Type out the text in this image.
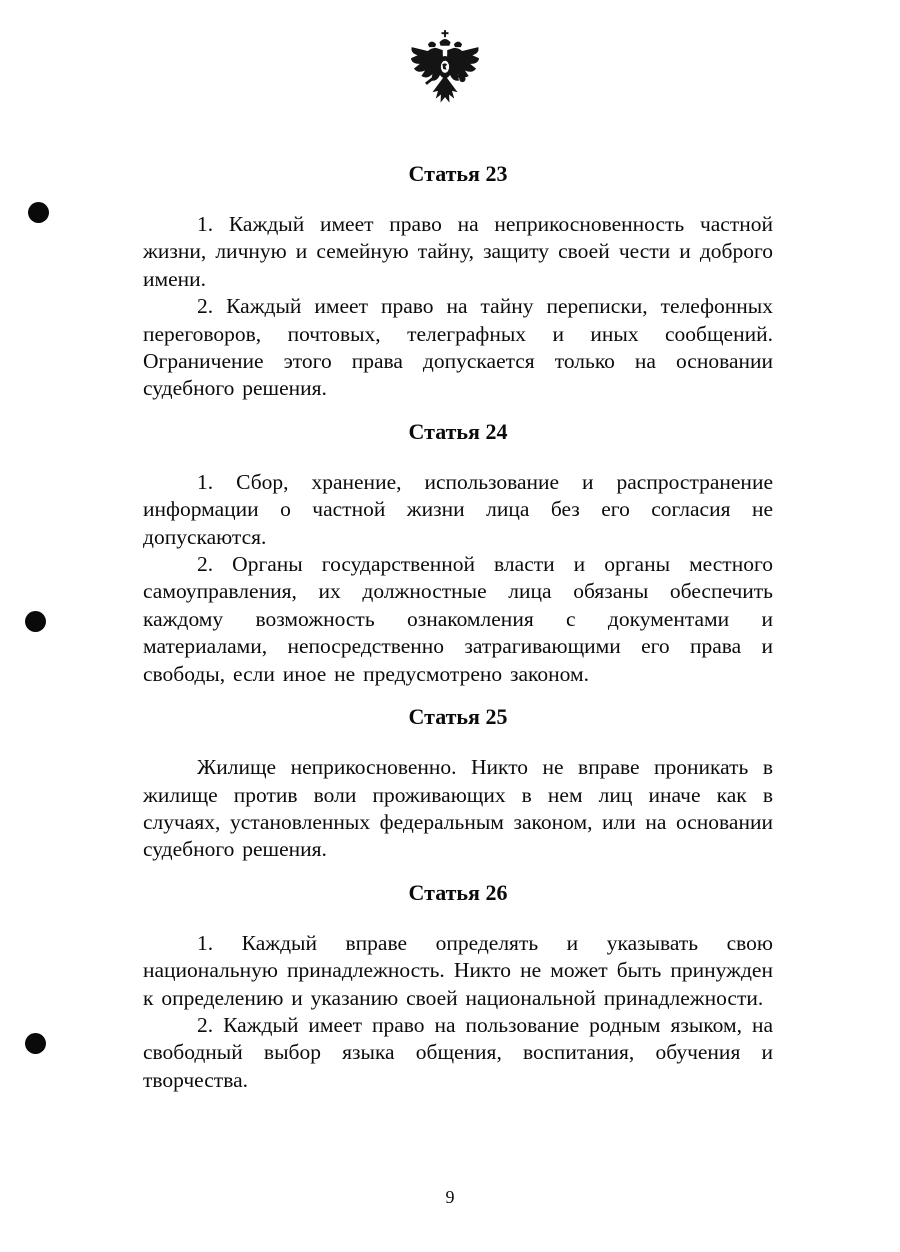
Статья 23

1. Каждый имеет право на неприкосновенность частной жизни, личную и семейную тайну, защиту своей чести и доброго имени.

2. Каждый имеет право на тайну переписки, телефонных переговоров, почтовых, телеграфных и иных сообщений. Ограничение этого права допускается только на основании судебного решения.

Статья 24

1. Сбор, хранение, использование и распространение информации о частной жизни лица без его согласия не допускаются.

2. Органы государственной власти и органы местного самоуправления, их должностные лица обязаны обеспечить каждому возможность ознакомления с документами и материалами, непосредственно затрагивающими его права и свободы, если иное не предусмотрено законом.

Статья 25

Жилище неприкосновенно. Никто не вправе проникать в жилище против воли проживающих в нем лиц иначе как в случаях, установленных федеральным законом, или на основании судебного решения.

Статья 26

1. Каждый вправе определять и указывать свою национальную принадлежность. Никто не может быть принужден к определению и указанию своей национальной принадлежности.

2. Каждый имеет право на пользование родным языком, на свободный выбор языка общения, воспитания, обучения и творчества.

9
